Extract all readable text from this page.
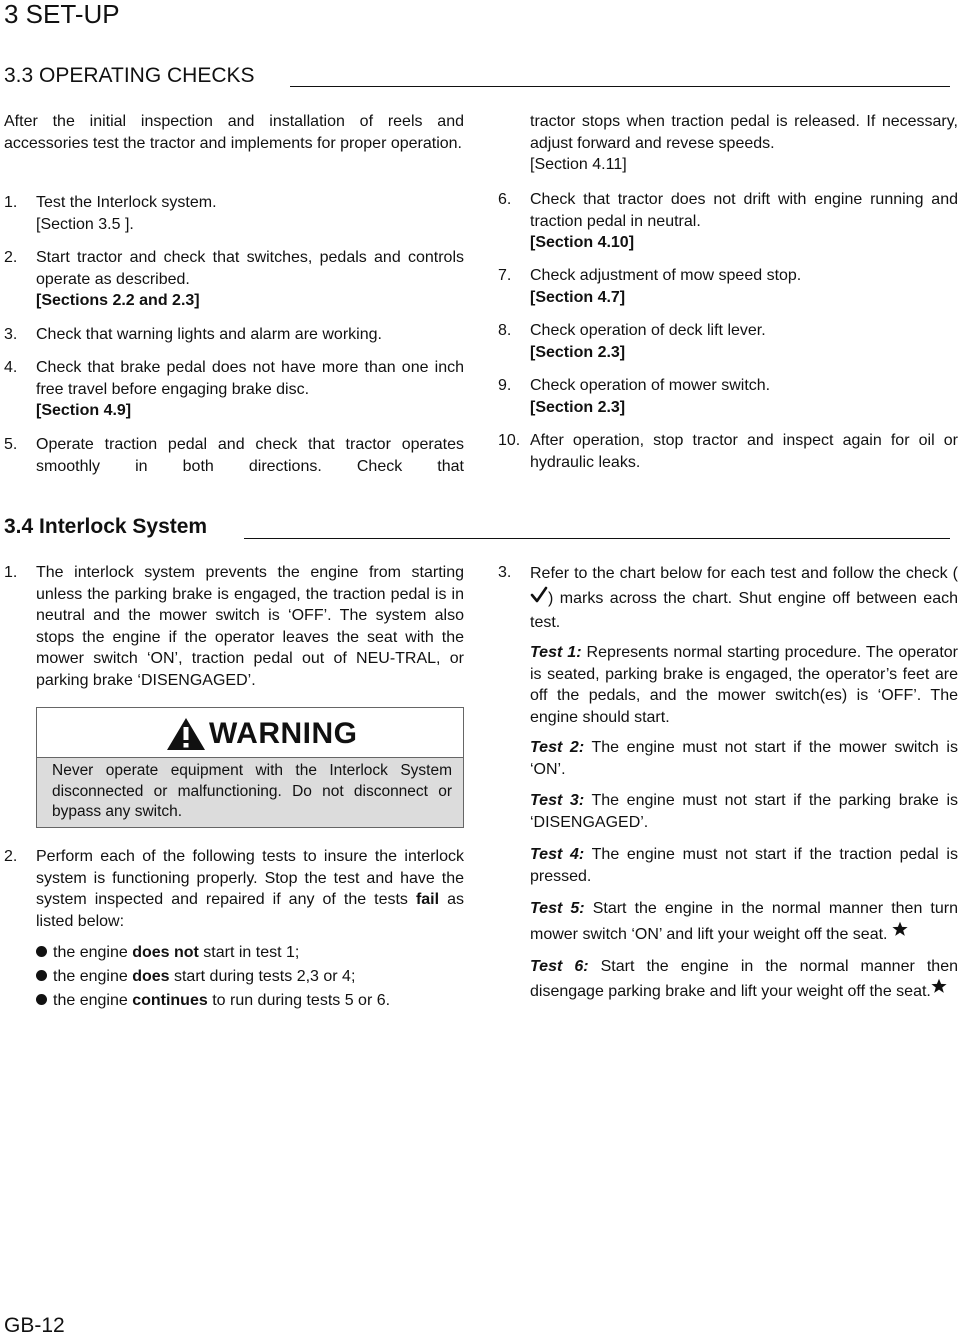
3 SET-UP
3.3 OPERATING CHECKS
After the initial inspection and installation of reels and accessories test the tractor and implements for proper operation.
1. Test the Interlock system.
[Section 3.5 ].
2. Start tractor and check that switches, pedals and controls operate as described.
[Sections 2.2 and 2.3]
3. Check that warning lights and alarm are working.
4. Check that brake pedal does not have more than one inch free travel before engaging brake disc.
[Section 4.9]
5. Operate traction pedal and check that tractor operates smoothly in both directions. Check that
tractor stops when traction pedal is released. If necessary, adjust forward and revese speeds.
[Section 4.11]
6. Check that tractor does not drift with engine running and traction pedal in neutral.
[Section 4.10]
7. Check adjustment of mow speed stop.
[Section 4.7]
8. Check operation of deck lift lever.
[Section 2.3]
9. Check operation of mower switch.
[Section 2.3]
10. After operation, stop tractor and inspect again for oil or hydraulic leaks.
3.4 Interlock System
1. The interlock system prevents the engine from starting unless the parking brake is engaged, the traction pedal is in neutral and the mower switch is ‘OFF’. The system also stops the engine if the operator leaves the seat with the mower switch ‘ON’, traction pedal out of NEU-TRAL, or parking brake ‘DISENGAGED’.
WARNING
Never operate equipment with the Interlock System disconnected or malfunctioning. Do not disconnect or bypass any switch.
2. Perform each of the following tests to insure the interlock system is functioning properly. Stop the test and have the system inspected and repaired if any of the tests fail as listed below:
the engine does not start in test 1;
the engine does start during tests 2,3 or 4;
the engine continues to run during tests 5 or 6.
3. Refer to the chart below for each test and follow the check () marks across the chart. Shut engine off between each test.
Test 1: Represents normal starting procedure. The operator is seated, parking brake is engaged, the operator’s feet are off the pedals, and the mower switch(es) is ‘OFF’. The engine should start.
Test 2: The engine must not start if the mower switch is ‘ON’.
Test 3: The engine must not start if the parking brake is ‘DISENGAGED’.
Test 4: The engine must not start if the traction pedal is pressed.
Test 5: Start the engine in the normal manner then turn mower switch ‘ON’ and lift your weight off the seat.
Test 6: Start the engine in the normal manner then disengage parking brake and lift your weight off the seat.
GB-12
